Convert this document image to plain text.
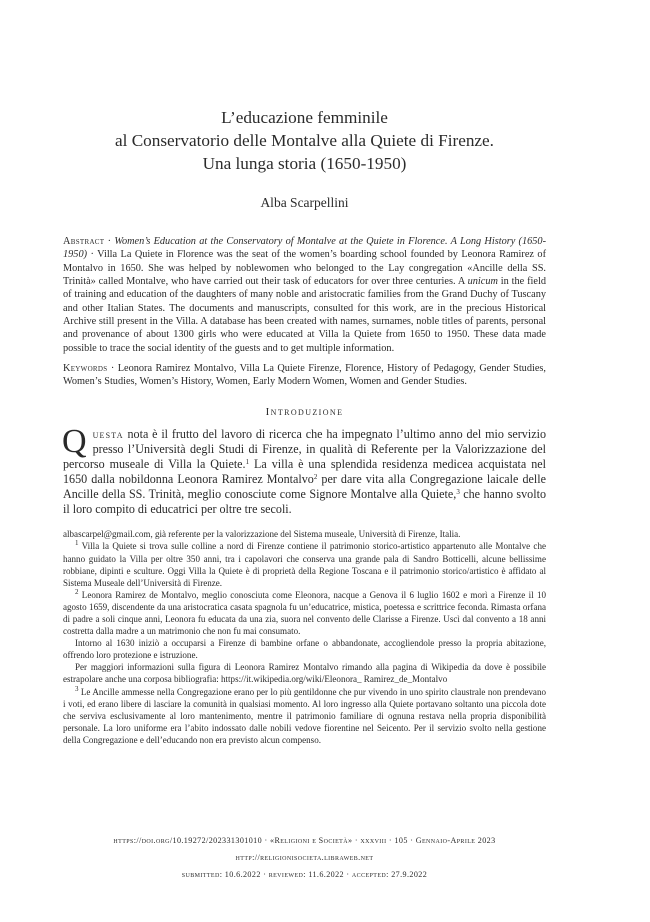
L’educazione femminile
al Conservatorio delle Montalve alla Quiete di Firenze.
Una lunga storia (1650-1950)
Alba Scarpellini
Abstract · Women’s Education at the Conservatory of Montalve at the Quiete in Florence. A Long History (1650-1950) · Villa La Quiete in Florence was the seat of the women’s boarding school founded by Leonora Ramirez of Montalvo in 1650. She was helped by noblewomen who belonged to the Lay congregation «Ancille della SS. Trinità» called Montalve, who have carried out their task of educators for over three centuries. A unicum in the field of training and education of the daughters of many noble and aristocratic families from the Grand Duchy of Tuscany and other Italian States. The documents and manuscripts, consulted for this work, are in the precious Historical Archive still present in the Villa. A database has been created with names, surnames, noble titles of parents, personal and provenance of about 1300 girls who were educated at Villa la Quiete from 1650 to 1950. These data made possible to trace the social identity of the guests and to get multiple information.
Keywords · Leonora Ramirez Montalvo, Villa La Quiete Firenze, Florence, History of Pedagogy, Gender Studies, Women’s Studies, Women’s History, Women, Early Modern Women, Women and Gender Studies.
Introduzione
Questa nota è il frutto del lavoro di ricerca che ha impegnato l’ultimo anno del mio servizio presso l’Università degli Studi di Firenze, in qualità di Referente per la Valorizzazione del percorso museale di Villa la Quiete.$^1$ La villa è una splendida residenza medicea acquistata nel 1650 dalla nobildonna Leonora Ramirez Montalvo$^2$ per dare vita alla Congregazione laicale delle Ancille della SS. Trinità, meglio conosciute come Signore Montalve alla Quiete,$^3$ che hanno svolto il loro compito di educatrici per oltre tre secoli.

albascarpel@gmail.com, già referente per la valorizzazione del Sistema museale, Università di Firenze, Italia.

$^1$ Villa la Quiete si trova sulle colline a nord di Firenze contiene il patrimonio storico-artistico appartenuto alle Montalve che hanno guidato la Villa per oltre 350 anni, tra i capolavori che conserva una grande pala di Sandro Botticelli, alcune bellissime robbiane, dipinti e sculture. Oggi Villa la Quiete è di proprietà della Regione Toscana e il patrimonio storico/artistico è affidato al Sistema Museale dell’Università di Firenze.

$^2$ Leonora Ramirez de Montalvo, meglio conosciuta come Eleonora, nacque a Genova il 6 luglio 1602 e morì a Firenze il 10 agosto 1659, discendente da una aristocratica casata spagnola fu un’educatrice, mistica, poetessa e scrittrice feconda. Rimasta orfana di padre a soli cinque anni, Leonora fu educata da una zia, suora nel convento delle Clarisse a Firenze. Uscì dal convento a 18 anni costretta dalla madre a un matrimonio che non fu mai consumato.

Intorno al 1630 iniziò a occuparsi a Firenze di bambine orfane o abbandonate, accogliendole presso la propria abitazione, offrendo loro protezione e istruzione.

Per maggiori informazioni sulla figura di Leonora Ramirez Montalvo rimando alla pagina di Wikipedia da dove è possibile estrapolare anche una corposa bibliografia: https://it.wikipedia.org/wiki/Eleonora_ Ramirez_de_Montalvo

$^3$ Le Ancille ammesse nella Congregazione erano per lo più gentildonne che pur vivendo in uno spirito claustrale non prendevano i voti, ed erano libere di lasciare la comunità in qualsiasi momento. Al loro ingresso alla Quiete portavano soltanto una piccola dote che serviva esclusivamente al loro mantenimento, mentre il patrimonio familiare di ognuna restava nella propria disponibilità personale. La loro uniforme era l’abito indossato dalle nobili vedove fiorentine nel Seicento. Per il servizio svolto nella gestione della Congregazione e dell’educando non era previsto alcun compenso.

https://doi.org/10.19272/202331301010 · «Religioni e Società» · xxxviii · 105 · Gennaio-Aprile 2023
http://religionisocieta.libraweb.net
submitted: 10.6.2022 · reviewed: 11.6.2022 · accepted: 27.9.2022
